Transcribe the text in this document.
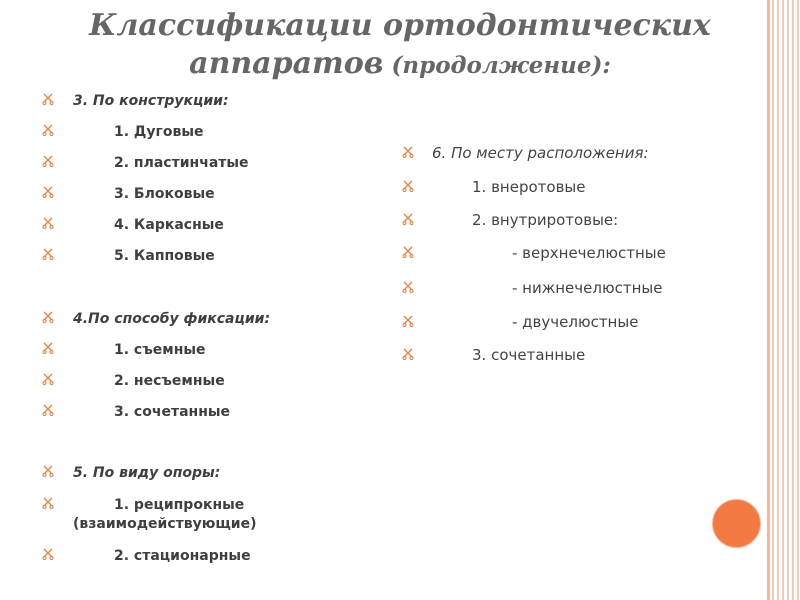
Классификации ортодонтических
аппаратов (продолжение):
3. По конструкции:
1. Дуговые
2. пластинчатые
3. Блоковые
4. Каркасные
5. Капповые
4.По способу фиксации:
1. съемные
2. несъемные
3. сочетанные
5. По виду опоры:
1. реципрокные
(взаимодействующие)
2. стационарные
6. По месту расположения:
1. внеротовые
2. внутриротовые:
- верхнечелюстные
- нижнечелюстные
- двучелюстные
3. сочетанные
